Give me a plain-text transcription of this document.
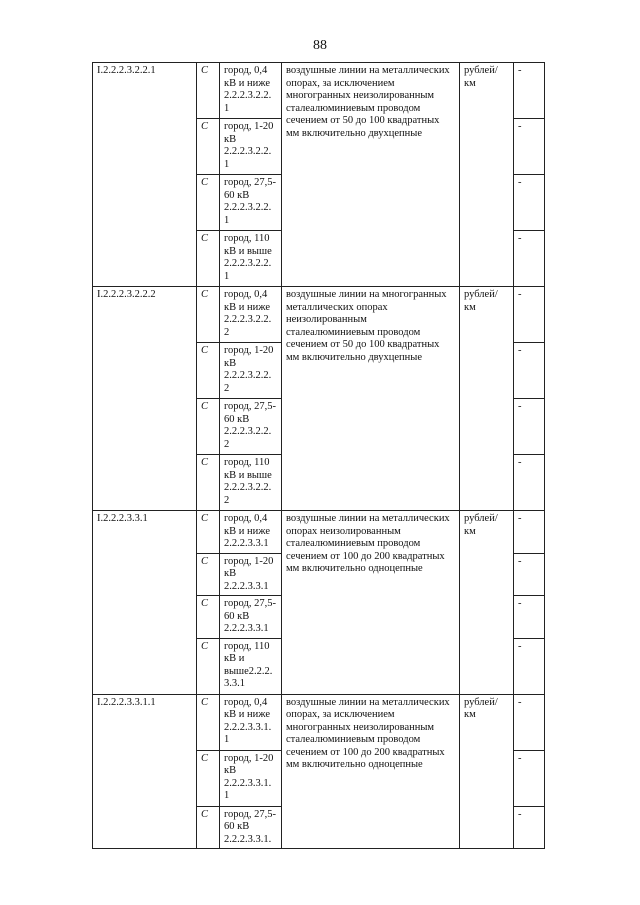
88
I.2.2.2.3.2.2.1	С	город, 0,4 кВ и ниже 2.2.2.3.2.2. 1	воздушные линии на металлических опорах, за исключением многогранных неизолированным сталеалюминиевым проводом сечением от 50 до 100 квадратных мм включительно двухцепные	рублей/ км	-
	С	город, 1-20 кВ 2.2.2.3.2.2. 1			-
	С	город, 27,5-60 кВ 2.2.2.3.2.2. 1			-
	С	город, 110 кВ и выше 2.2.2.3.2.2. 1			-
I.2.2.2.3.2.2.2	С	город, 0,4 кВ и ниже 2.2.2.3.2.2. 2	воздушные линии на многогранных металлических опорах неизолированным сталеалюминиевым проводом сечением от 50 до 100 квадратных мм включительно двухцепные	рублей/ км	-
	С	город, 1-20 кВ 2.2.2.3.2.2. 2			-
	С	город, 27,5-60 кВ 2.2.2.3.2.2. 2			-
	С	город, 110 кВ и выше 2.2.2.3.2.2. 2			-
I.2.2.2.3.3.1	С	город, 0,4 кВ и ниже 2.2.2.3.3.1	воздушные линии на металлических опорах неизолированным сталеалюминиевым проводом сечением от 100 до 200 квадратных мм включительно одноцепные	рублей/ км	-
	С	город, 1-20 кВ 2.2.2.3.3.1			-
	С	город, 27,5-60 кВ 2.2.2.3.3.1			-
	С	город, 110 кВ и выше2.2.2. 3.3.1			-
I.2.2.2.3.3.1.1	С	город, 0,4 кВ и ниже 2.2.2.3.3.1. 1	воздушные линии на металлических опорах, за исключением многогранных неизолированным сталеалюминиевым проводом сечением от 100 до 200 квадратных мм включительно одноцепные	рублей/ км	-
	С	город, 1-20 кВ 2.2.2.3.3.1. 1			-
	С	город, 27,5-60 кВ 2.2.2.3.3.1.			-
